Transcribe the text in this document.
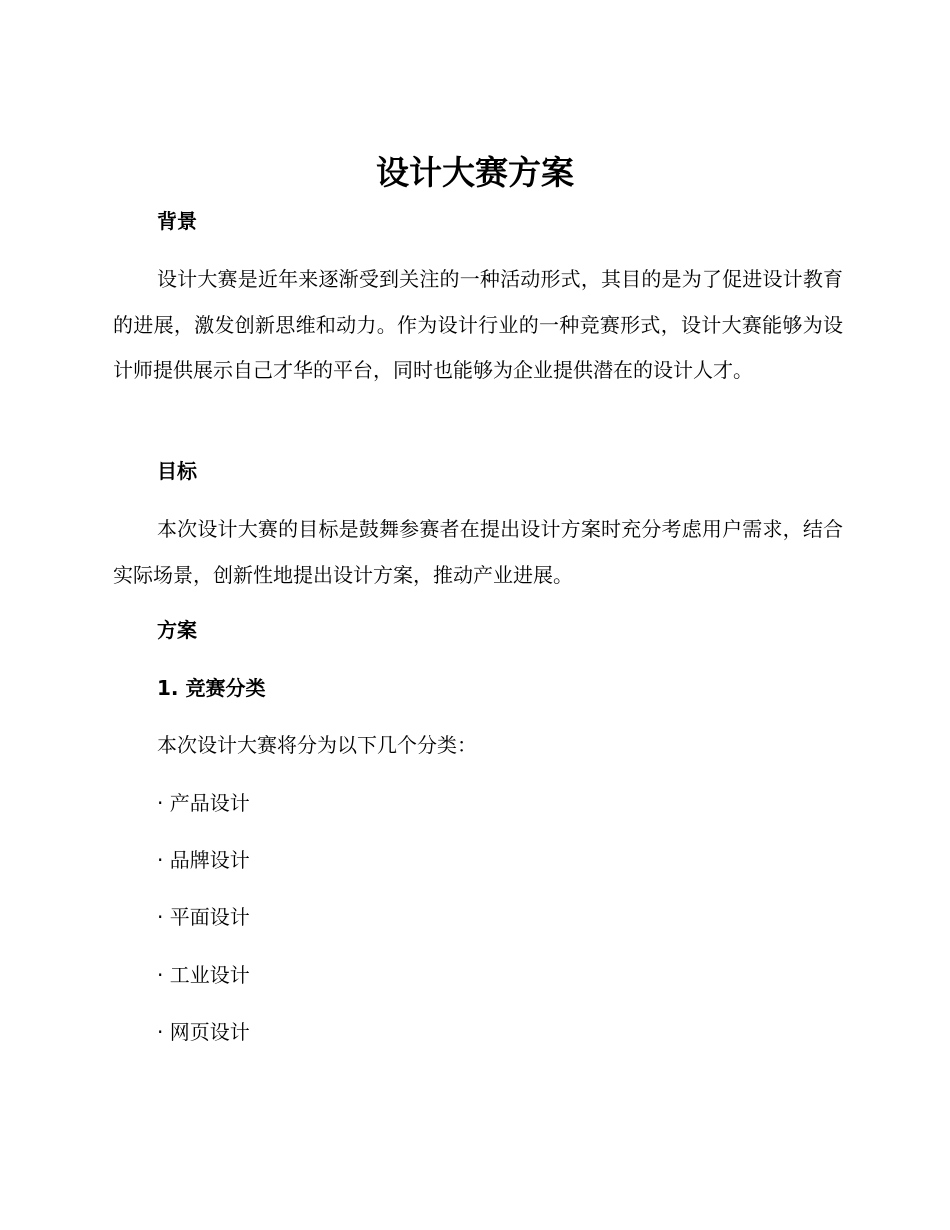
设计大赛方案
背景

设计大赛是近年来逐渐受到关注的一种活动形式，其目的是为了促进设计教育的进展，激发创新思维和动力。作为设计行业的一种竞赛形式，设计大赛能够为设计师提供展示自己才华的平台，同时也能够为企业提供潜在的设计人才。

目标

本次设计大赛的目标是鼓舞参赛者在提出设计方案时充分考虑用户需求，结合实际场景，创新性地提出设计方案，推动产业进展。

方案
1. 竞赛分类

本次设计大赛将分为以下几个分类：

· 产品设计

· 品牌设计

· 平面设计

· 工业设计

· 网页设计
